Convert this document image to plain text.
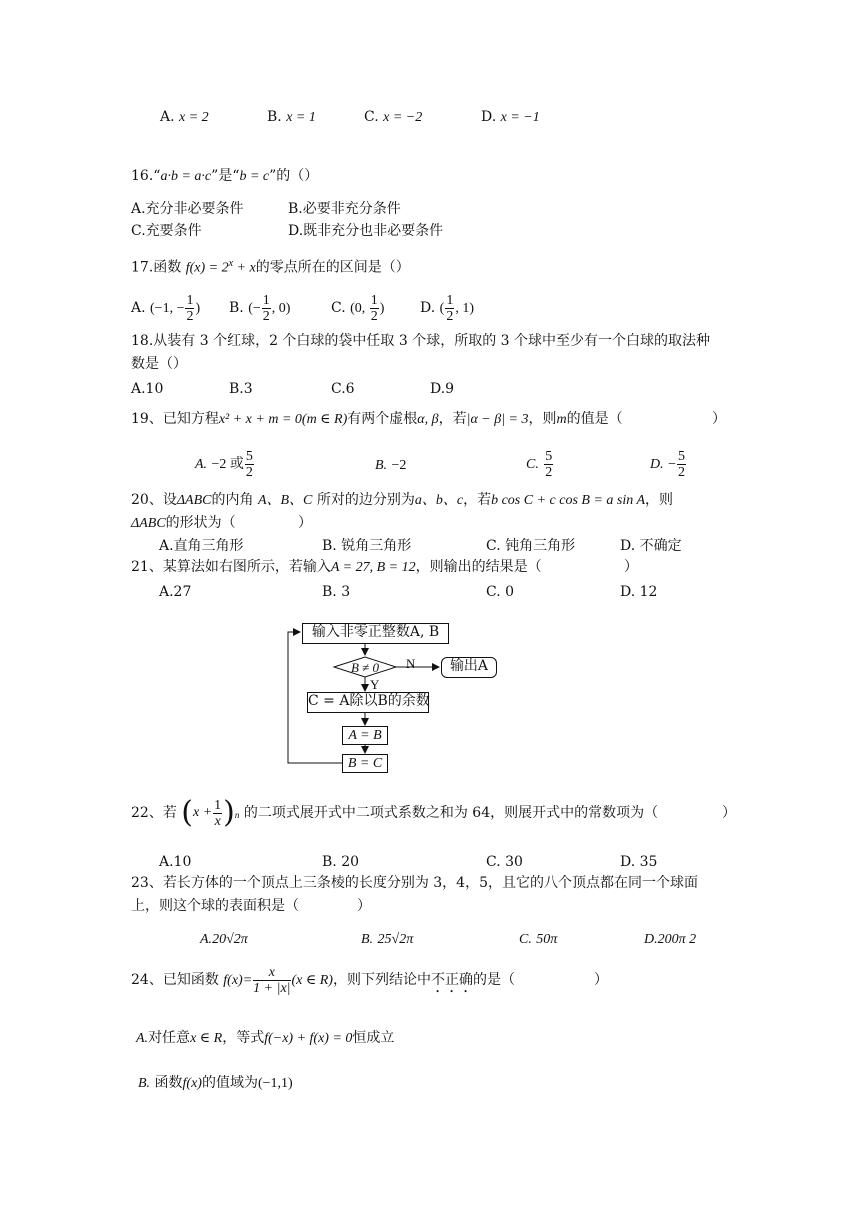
A. x = 2	B. x = 1	C. x = −2	D. x = −1
16.“a·b = a·c”是“b = c”的（）
A.充分非必要条件	B.必要非充分条件
C.充要条件	D.既非充分也非必要条件
17.函数 $f(x) = 2^x + x$的零点所在的区间是（）
A. (−1, − $\frac{1}{2}$ ) B. (− $\frac{1}{2}$ , 0)	C. (0, $\frac{1}{2}$ )	D. ( $\frac{1}{2}$ , 1)
18.从装有 3 个红球，2 个白球的袋中任取 3 个球，所取的 3 个球中至少有一个白球的取法种
数是（）
A.10	B.3	C.6	D.9
19、已知方程x² + x + m = 0(m ∈ R)有两个虚根α, β，若|α − β| = 3，则m的值是（	）
A. −2 或 $\frac{5}{2}$	B. −2	C. $\frac{5}{2}$	D. − $\frac{5}{2}$
20、设ΔABC的内角 A、B、C 所对的边分别为a、b、c，若b cos C + c cos B = a sin A，则
ΔABC的形状为（	）
A.直角三角形	B. 锐角三角形	C. 钝角三角形	D. 不确定
21、某算法如右图所示，若输入A = 27, B = 12，则输出的结果是（	）
A.27	B. 3	C. 0	D. 12
输入非零正整数A, B
B ≠ 0	N
Y
输出A
C = A除以B的余数
A = B
B = C
22、若 $(x + \frac{1}{x} )^n$ 的二项式展开式中二项式系数之和为 64，则展开式中的常数项为（	）
A.10	B. 20	C. 30	D. 35
23、若长方体的一个顶点上三条棱的长度分别为 3，4，5，且它的八个顶点都在同一个球面
上，则这个球的表面积是（	）
A.20√2π	B. 25√2π	C. 50π	D.200π 2
24、已知函数 $f(x)= \frac{x}{1 + |x|} (x$ ∈ R)，则下列结论中不正确的是（	）
A.对任意x ∈ R，等式f(−x) + f(x) = 0恒成立
B. 函数f(x)的值域为(−1,1)
